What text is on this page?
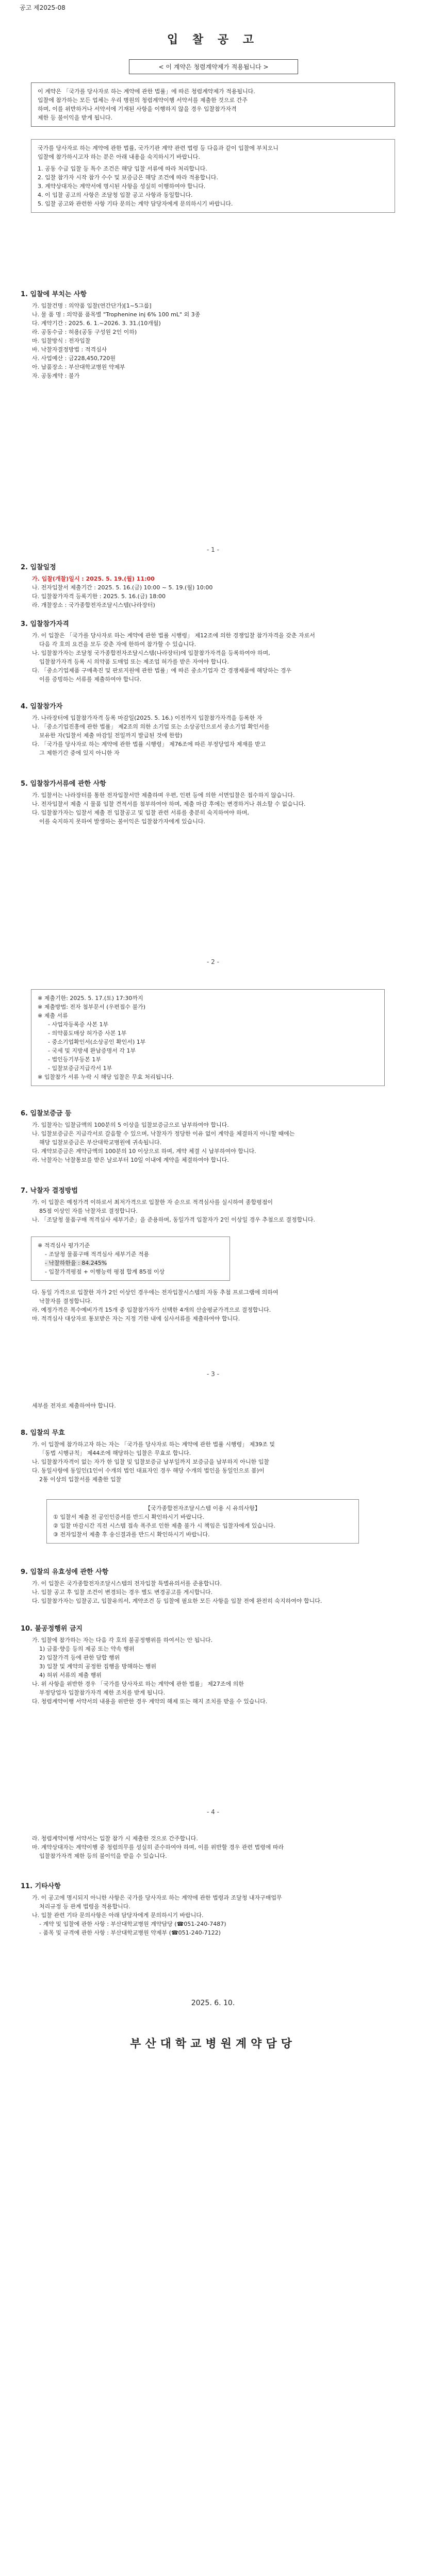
공고 제2025-08
입 찰 공 고
< 이 계약은 청렴계약제가 적용됩니다 >

이 계약은 「국가를 당사자로 하는 계약에 관한 법률」에 따른 청렴계약제가 적용됩니다.

입찰에 참가하는 모든 업체는 우리 병원의 청렴계약이행 서약서를 제출한 것으로 간주

하며, 이를 위반하거나 서약서에 기재된 사항을 이행하지 않을 경우 입찰참가자격

제한 등 불이익을 받게 됩니다.

국가를 당사자로 하는 계약에 관한 법률, 국가기관 계약 관련 법령 등 다음과 같이 입찰에 부치오니

입찰에 참가하시고자 하는 분은 아래 내용을 숙지하시기 바랍니다.

1. 공동 수급 입찰 등 특수 조건은 해당 입찰 서류에 따라 처리합니다.

2. 입찰 참가자 시작 참가 수수 및 보증금은 해당 조건에 따라 적용합니다.

3. 계약상대자는 계약서에 명시된 사항을 성실히 이행하여야 합니다.

4. 이 입찰 공고의 사항은 조달청 입찰 공고 사항과 동일합니다.

5. 입찰 공고와 관련한 사항 기타 문의는 계약 담당자에게 문의하시기 바랍니다.

1. 입찰에 부치는 사항

가. 입찰건명 : 의약품 입찰(연간단가)[1~5그룹]

나. 물 품 명 : 의약품 품목별 "Trophenine inj 6% 100 mL" 외 3종

다. 계약기간 : 2025. 6. 1.~2026. 3. 31.(10개월)

라. 공동수급 : 허용(공동 구성원 2인 이하)

마. 입찰방식 : 전자입찰

바. 낙찰자결정방법 : 적격심사

사. 사업예산 : 금228,450,720원

아. 납품장소 : 부산대학교병원 약제부

자. 공동계약 : 불가

- 1 -

2. 입찰일정

가. 입찰(개찰)일시 : 2025. 5. 19.(월) 11:00

나. 전자입찰서 제출기간 : 2025. 5. 16.(금) 10:00 ~ 5. 19.(월) 10:00

다. 입찰참가자격 등록기한 : 2025. 5. 16.(금) 18:00

라. 개찰장소 : 국가종합전자조달시스템(나라장터)

3. 입찰참가자격

가. 이 입찰은 「국가를 당사자로 하는 계약에 관한 법률 시행령」 제12조에 의한 경쟁입찰 참가자격을 갖춘 자로서

다음 각 호의 요건을 모두 갖춘 자에 한하여 참가할 수 있습니다.

나. 입찰참가자는 조달청 국가종합전자조달시스템(나라장터)에 입찰참가자격을 등록하여야 하며,

입찰참가자격 등록 시 의약품 도매업 또는 제조업 허가를 받은 자여야 합니다.

다. 「중소기업제품 구매촉진 및 판로지원에 관한 법률」에 따른 중소기업자 간 경쟁제품에 해당하는 경우

이를 증빙하는 서류를 제출하여야 합니다.

4. 입찰참가자

가. 나라장터에 입찰참가자격 등록 마감일(2025. 5. 16.) 이전까지 입찰참가자격을 등록한 자

나. 「중소기업진흥에 관한 법률」 제2조의 의한 소기업 또는 소상공인으로서 중소기업 확인서를

보유한 자(입찰서 제출 마감일 전일까지 발급된 것에 한함)

다. 「국가를 당사자로 하는 계약에 관한 법률 시행령」 제76조에 따른 부정당업자 제재를 받고

그 제한기간 중에 있지 아니한 자

5. 입찰참가서류에 관한 사항

가. 입찰서는 나라장터를 통한 전자입찰서만 제출하며 우편, 인편 등에 의한 서면입찰은 접수하지 않습니다.

나. 전자입찰서 제출 시 물품 입찰 견적서를 첨부하여야 하며, 제출 마감 후에는 변경하거나 취소할 수 없습니다.

다. 입찰참가자는 입찰서 제출 전 입찰공고 및 입찰 관련 서류를 충분히 숙지하여야 하며,

이를 숙지하지 못하여 발생하는 불이익은 입찰참가자에게 있습니다.

- 2 -

※ 제출기한: 2025. 5. 17.(토) 17:30까지

※ 제출방법: 전자 첨부문서 (우편접수 불가)

※ 제출 서류

- 사업자등록증 사본 1부

- 의약품도매상 허가증 사본 1부

- 중소기업확인서(소상공인 확인서) 1부

- 국세 및 지방세 완납증명서 각 1부

- 법인등기부등본 1부

- 입찰보증금지급각서 1부

※ 입찰참가 서류 누락 시 해당 입찰은 무효 처리됩니다.

6. 입찰보증금 등

가. 입찰자는 입찰금액의 100분의 5 이상을 입찰보증금으로 납부하여야 합니다.

나. 입찰보증금은 지급각서로 갈음할 수 있으며, 낙찰자가 정당한 이유 없이 계약을 체결하지 아니할 때에는

해당 입찰보증금은 부산대학교병원에 귀속됩니다.

다. 계약보증금은 계약금액의 100분의 10 이상으로 하며, 계약 체결 시 납부하여야 합니다.

라. 낙찰자는 낙찰통보를 받은 날로부터 10일 이내에 계약을 체결하여야 합니다.

7. 낙찰자 결정방법

가. 이 입찰은 예정가격 이하로서 최저가격으로 입찰한 자 순으로 적격심사를 실시하여 종합평점이

85점 이상인 자를 낙찰자로 결정합니다.

나. 「조달청 물품구매 적격심사 세부기준」을 준용하며, 동일가격 입찰자가 2인 이상일 경우 추첨으로 결정합니다.

※ 적격심사 평가기준

- 조달청 물품구매 적격심사 세부기준 적용

- 낙찰하한율 : 84.245%

- 입찰가격평점 + 이행능력 평점 합계 85점 이상

다. 동일 가격으로 입찰한 자가 2인 이상인 경우에는 전자입찰시스템의 자동 추첨 프로그램에 의하여

낙찰자를 결정합니다.

라. 예정가격은 복수예비가격 15개 중 입찰참가자가 선택한 4개의 산술평균가격으로 결정합니다.

마. 적격심사 대상자로 통보받은 자는 지정 기한 내에 심사서류를 제출하여야 합니다.

- 3 -

세부를 전자로 제출하여야 합니다.

8. 입찰의 무효

가. 이 입찰에 참가하고자 하는 자는 「국가를 당사자로 하는 계약에 관한 법률 시행령」 제39조 및

「동법 시행규칙」 제44조에 해당하는 입찰은 무효로 합니다.

나. 입찰참가자격이 없는 자가 한 입찰 및 입찰보증금 납부일까지 보증금을 납부하지 아니한 입찰

다. 동일사항에 동일인(1인이 수개의 법인 대표자인 경우 해당 수개의 법인을 동일인으로 봄)이

2통 이상의 입찰서를 제출한 입찰

【국가종합전자조달시스템 이용 시 유의사항】

① 입찰서 제출 전 공인인증서를 반드시 확인하시기 바랍니다.

② 입찰 마감시간 직전 시스템 접속 폭주로 인한 제출 불가 시 책임은 입찰자에게 있습니다.

③ 전자입찰서 제출 후 송신결과를 반드시 확인하시기 바랍니다.

9. 입찰의 유효성에 관한 사항

가. 이 입찰은 국가종합전자조달시스템의 전자입찰 특별유의서를 준용합니다.

나. 입찰 공고 후 입찰 조건이 변경되는 경우 별도 변경공고를 게시합니다.

다. 입찰참가자는 입찰공고, 입찰유의서, 계약조건 등 입찰에 필요한 모든 사항을 입찰 전에 완전히 숙지하여야 합니다.

10. 불공정행위 금지

가. 입찰에 참가하는 자는 다음 각 호의 불공정행위를 하여서는 안 됩니다.

1) 금품·향응 등의 제공 또는 약속 행위

2) 입찰가격 등에 관한 담합 행위

3) 입찰 및 계약의 공정한 집행을 방해하는 행위

4) 허위 서류의 제출 행위

나. 위 사항을 위반한 경우 「국가를 당사자로 하는 계약에 관한 법률」 제27조에 의한

부정당업자 입찰참가자격 제한 조치를 받게 됩니다.

다. 청렴계약이행 서약서의 내용을 위반한 경우 계약의 해제 또는 해지 조치를 받을 수 있습니다.

- 4 -

라. 청렴계약이행 서약서는 입찰 참가 시 제출한 것으로 간주합니다.

마. 계약상대자는 계약이행 중 청렴의무를 성실히 준수하여야 하며, 이를 위반할 경우 관련 법령에 따라

입찰참가자격 제한 등의 불이익을 받을 수 있습니다.

11. 기타사항

가. 이 공고에 명시되지 아니한 사항은 국가를 당사자로 하는 계약에 관한 법령과 조달청 내자구매업무

처리규정 등 관계 법령을 적용합니다.

나. 입찰 관련 기타 문의사항은 아래 담당자에게 문의하시기 바랍니다.

- 계약 및 입찰에 관한 사항 : 부산대학교병원 계약담당 (☎051-240-7487)

- 품목 및 규격에 관한 사항 : 부산대학교병원 약제부 (☎051-240-7122)

2025. 6. 10.
부산대학교병원계약담당
